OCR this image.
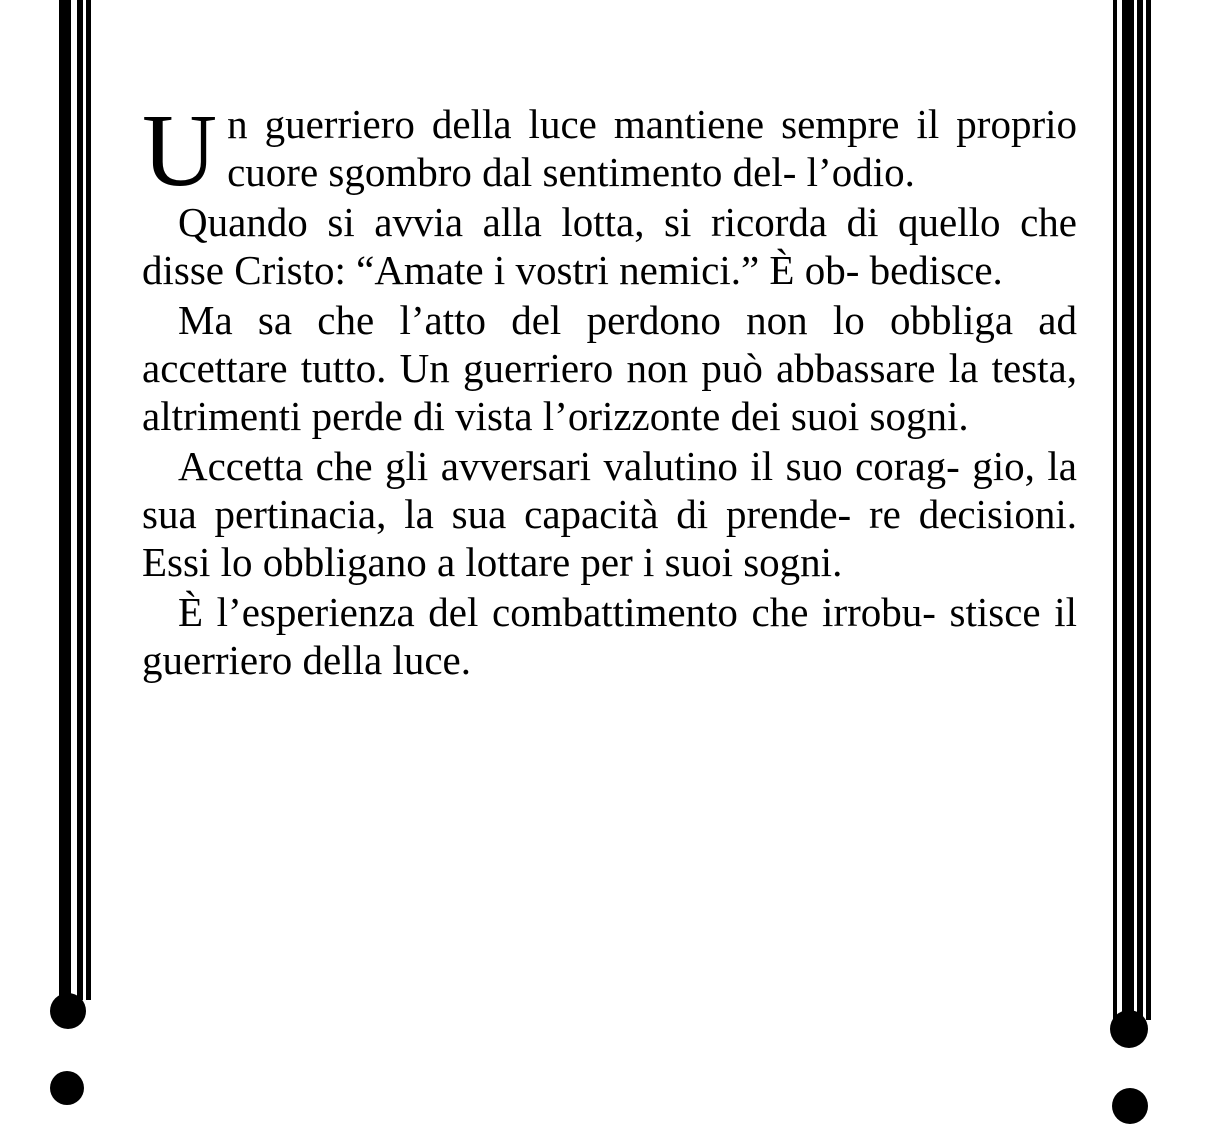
U n guerriero della luce mantiene sempre il proprio cuore sgombro dal sentimento del- l’odio.

Quando si avvia alla lotta, si ricorda di quello che disse Cristo: “Amate i vostri nemici.” È ob- bedisce.

Ma sa che l’atto del perdono non lo obbliga ad accettare tutto. Un guerriero non può abbassare la testa, altrimenti perde di vista l’orizzonte dei suoi sogni.

Accetta che gli avversari valutino il suo corag- gio, la sua pertinacia, la sua capacità di prende- re decisioni. Essi lo obbligano a lottare per i suoi sogni.

È l’esperienza del combattimento che irrobu- stisce il guerriero della luce.
